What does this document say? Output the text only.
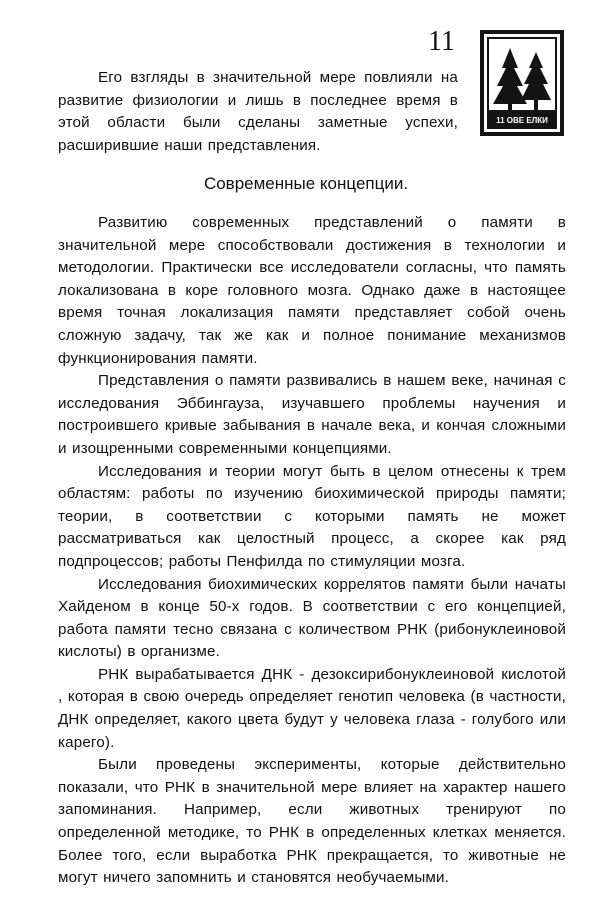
11
11 ОВЕ ЕЛКИ

Его взгляды в значительной мере повлияли на развитие физиологии и лишь в последнее время в этой области были сделаны заметные успехи, расширившие наши представления.

Современные концепции.

Развитию современных представлений о памяти в значительной мере способствовали достижения в технологии и методологии. Практически все исследователи согласны, что память локализована в коре головного мозга. Однако даже в настоящее время точная локализация памяти представляет собой очень сложную задачу, так же как и полное понимание механизмов функционирования памяти.

Представления о памяти развивались в нашем веке, начиная с исследования Эббингауза, изучавшего проблемы научения и построившего кривые забывания в начале века, и кончая сложными и изощренными современными концепциями.

Исследования и теории могут быть в целом отнесены к трем областям: работы по изучению биохимической природы памяти; теории, в соответствии с которыми память не может рассматриваться как целостный процесс, а скорее как ряд подпроцессов; работы Пенфилда по стимуляции мозга.

Исследования биохимических коррелятов памяти были начаты Хайденом в конце 50-х годов. В соответствии с его концепцией, работа памяти тесно связана с количеством РНК (рибонуклеиновой кислоты) в организме.

РНК вырабатывается ДНК - дезоксирибонуклеиновой кислотой , которая в свою очередь определяет генотип человека (в частности, ДНК определяет, какого цвета будут у человека глаза - голубого или карего).

Были проведены эксперименты, которые действительно показали, что РНК в значительной мере влияет на характер нашего запоминания. Например, если животных тренируют по определенной методике, то РНК в определенных клетках меняется. Более того, если выработка РНК прекращается, то животные не могут ничего запомнить и становятся необучаемыми.
